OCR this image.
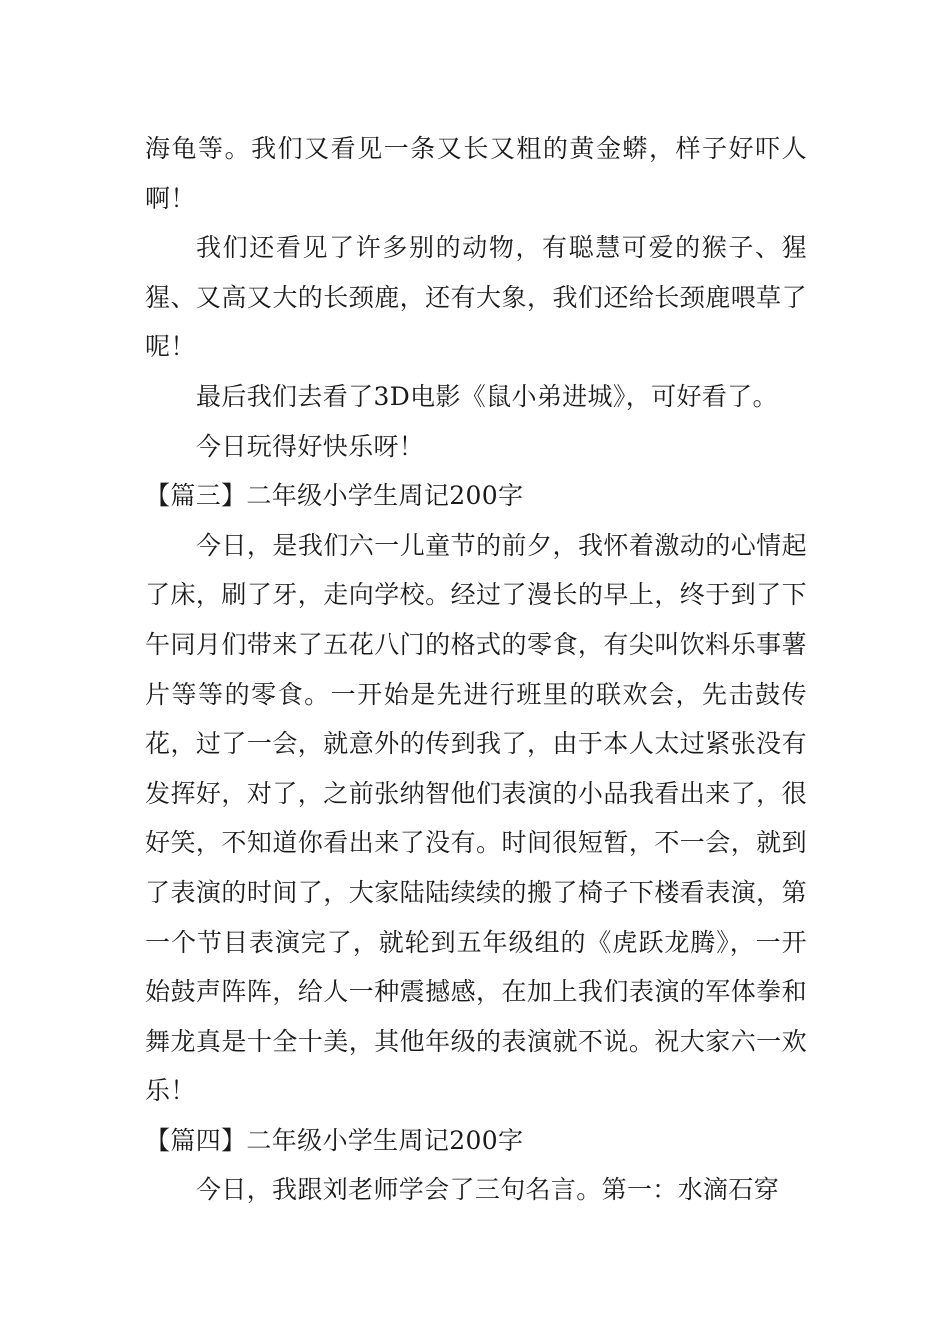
海龟等。我们又看见一条又长又粗的黄金蟒，样子好吓人啊！

我们还看见了许多别的动物，有聪慧可爱的猴子、猩猩、又高又大的长颈鹿，还有大象，我们还给长颈鹿喂草了呢！

最后我们去看了3D电影《鼠小弟进城》，可好看了。

今日玩得好快乐呀！

【篇三】二年级小学生周记200字

今日，是我们六一儿童节的前夕，我怀着激动的心情起了床，刷了牙，走向学校。经过了漫长的早上，终于到了下午同月们带来了五花八门的格式的零食，有尖叫饮料乐事薯片等等的零食。一开始是先进行班里的联欢会，先击鼓传花，过了一会，就意外的传到我了，由于本人太过紧张没有发挥好，对了，之前张纳智他们表演的小品我看出来了，很好笑，不知道你看出来了没有。时间很短暂，不一会，就到了表演的时间了，大家陆陆续续的搬了椅子下楼看表演，第一个节目表演完了，就轮到五年级组的《虎跃龙腾》，一开始鼓声阵阵，给人一种震撼感，在加上我们表演的军体拳和舞龙真是十全十美，其他年级的表演就不说。祝大家六一欢乐！

【篇四】二年级小学生周记200字

今日，我跟刘老师学会了三句名言。第一：水滴石穿
